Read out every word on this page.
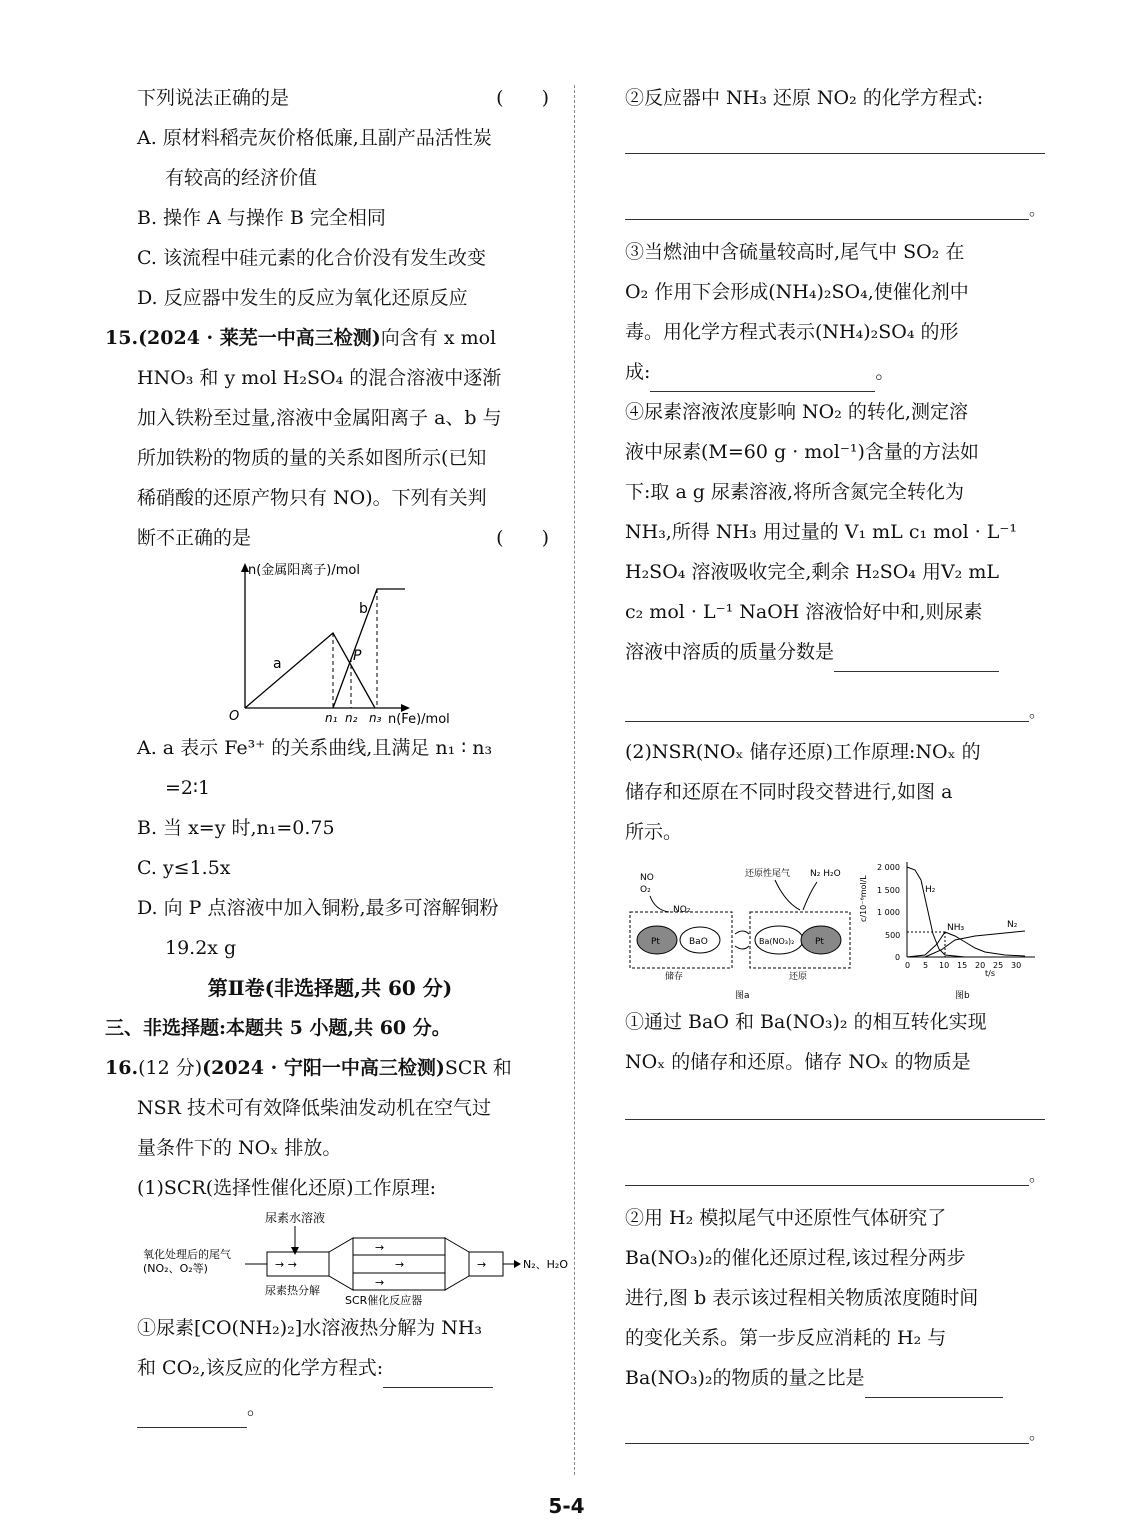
下列说法正确的是	(　　)

A. 原材料稻壳灰价格低廉,且副产品活性炭

有较高的经济价值

B. 操作 A 与操作 B 完全相同

C. 该流程中硅元素的化合价没有发生改变

D. 反应器中发生的反应为氧化还原反应

15.(2024 · 莱芜一中高三检测)向含有 x mol

HNO₃ 和 y mol H₂SO₄ 的混合溶液中逐渐

加入铁粉至过量,溶液中金属阳离子 a、b 与

所加铁粉的物质的量的关系如图所示(已知

稀硝酸的还原产物只有 NO)。下列有关判

断不正确的是	(　　)

n(金属阳离子)/mol
n(Fe)/mol
O
a
b
P
n₁ n₂ n₃

A. a 表示 Fe³⁺ 的关系曲线,且满足 n₁ ∶ n₃

=2∶1

B. 当 x=y 时,n₁=0.75

C. y≤1.5x

D. 向 P 点溶液中加入铜粉,最多可溶解铜粉

19.2x g

第Ⅱ卷(非选择题,共 60 分)

三、非选择题:本题共 5 小题,共 60 分。

16.(12 分)(2024 · 宁阳一中高三检测)SCR 和

NSR 技术可有效降低柴油发动机在空气过

量条件下的 NOₓ 排放。

(1)SCR(选择性催化还原)工作原理:

尿素水溶液
氧化处理后的尾气
(NO₂、O₂等)	→ →
→
→
→
→	N₂、H₂O
尿素热分解
SCR催化反应器

①尿素[CO(NH₂)₂]水溶液热分解为 NH₃

和 CO₂,该反应的化学方程式:

。

②反应器中 NH₃ 还原 NO₂ 的化学方程式:

。

③当燃油中含硫量较高时,尾气中 SO₂ 在

O₂ 作用下会形成(NH₄)₂SO₄,使催化剂中

毒。用化学方程式表示(NH₄)₂SO₄ 的形

成:	。

④尿素溶液浓度影响 NO₂ 的转化,测定溶

液中尿素(M=60 g · mol⁻¹)含量的方法如

下:取 a g 尿素溶液,将所含氮完全转化为

NH₃,所得 NH₃ 用过量的 V₁ mL c₁ mol · L⁻¹

H₂SO₄ 溶液吸收完全,剩余 H₂SO₄ 用V₂ mL

c₂ mol · L⁻¹ NaOH 溶液恰好中和,则尿素

溶液中溶质的质量分数是

。

(2)NSR(NOₓ 储存还原)工作原理:NOₓ 的

储存和还原在不同时段交替进行,如图 a

所示。

NO
O₂
NO₂
Pt	BaO
储存
还原性尾气 N₂ H₂O
Ba(NO₃)₂ Pt
还原
图a
c/10⁻⁶mol/L
0
500
1 000
1 500
2 000
0 5 10 15 20 25 30
t/s
H₂
NH₃	N₂
图b

①通过 BaO 和 Ba(NO₃)₂ 的相互转化实现

NOₓ 的储存和还原。储存 NOₓ 的物质是

。

②用 H₂ 模拟尾气中还原性气体研究了

Ba(NO₃)₂的催化还原过程,该过程分两步

进行,图 b 表示该过程相关物质浓度随时间

的变化关系。第一步反应消耗的 H₂ 与

Ba(NO₃)₂的物质的量之比是

。
5-4
